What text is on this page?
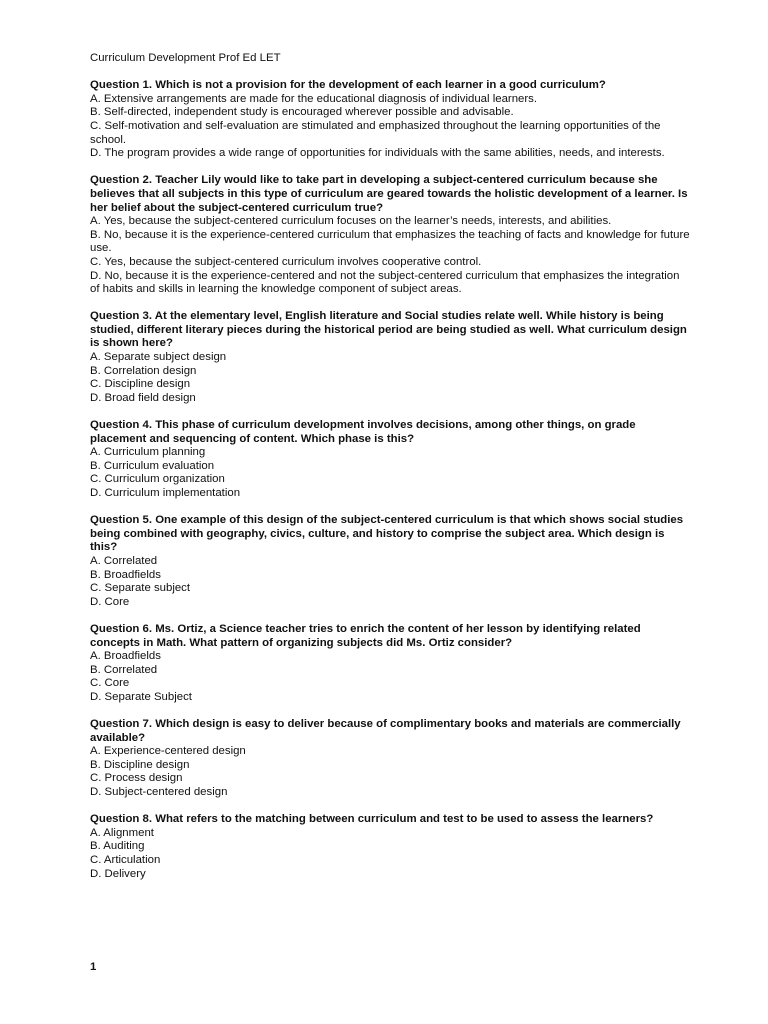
Curriculum Development Prof Ed LET
Question 1. Which is not a provision for the development of each learner in a good curriculum?
A. Extensive arrangements are made for the educational diagnosis of individual learners.
B. Self-directed, independent study is encouraged wherever possible and advisable.
C. Self-motivation and self-evaluation are stimulated and emphasized throughout the learning opportunities of the school.
D. The program provides a wide range of opportunities for individuals with the same abilities, needs, and interests.
Question 2. Teacher Lily would like to take part in developing a subject-centered curriculum because she believes that all subjects in this type of curriculum are geared towards the holistic development of a learner. Is her belief about the subject-centered curriculum true?
A. Yes, because the subject-centered curriculum focuses on the learner’s needs, interests, and abilities.
B. No, because it is the experience-centered curriculum that emphasizes the teaching of facts and knowledge for future use.
C. Yes, because the subject-centered curriculum involves cooperative control.
D. No, because it is the experience-centered and not the subject-centered curriculum that emphasizes the integration of habits and skills in learning the knowledge component of subject areas.
Question 3. At the elementary level, English literature and Social studies relate well. While history is being studied, different literary pieces during the historical period are being studied as well. What curriculum design is shown here?
A. Separate subject design
B. Correlation design
C. Discipline design
D. Broad field design
Question 4. This phase of curriculum development involves decisions, among other things, on grade placement and sequencing of content. Which phase is this?
A. Curriculum planning
B. Curriculum evaluation
C. Curriculum organization
D. Curriculum implementation
Question 5. One example of this design of the subject-centered curriculum is that which shows social studies being combined with geography, civics, culture, and history to comprise the subject area. Which design is this?
A. Correlated
B. Broadfields
C. Separate subject
D. Core
Question 6. Ms. Ortiz, a Science teacher tries to enrich the content of her lesson by identifying related concepts in Math. What pattern of organizing subjects did Ms. Ortiz consider?
A. Broadfields
B. Correlated
C. Core
D. Separate Subject
Question 7. Which design is easy to deliver because of complimentary books and materials are commercially available?
A. Experience-centered design
B. Discipline design
C. Process design
D. Subject-centered design
Question 8. What refers to the matching between curriculum and test to be used to assess the learners?
A. Alignment
B. Auditing
C. Articulation
D. Delivery
1
